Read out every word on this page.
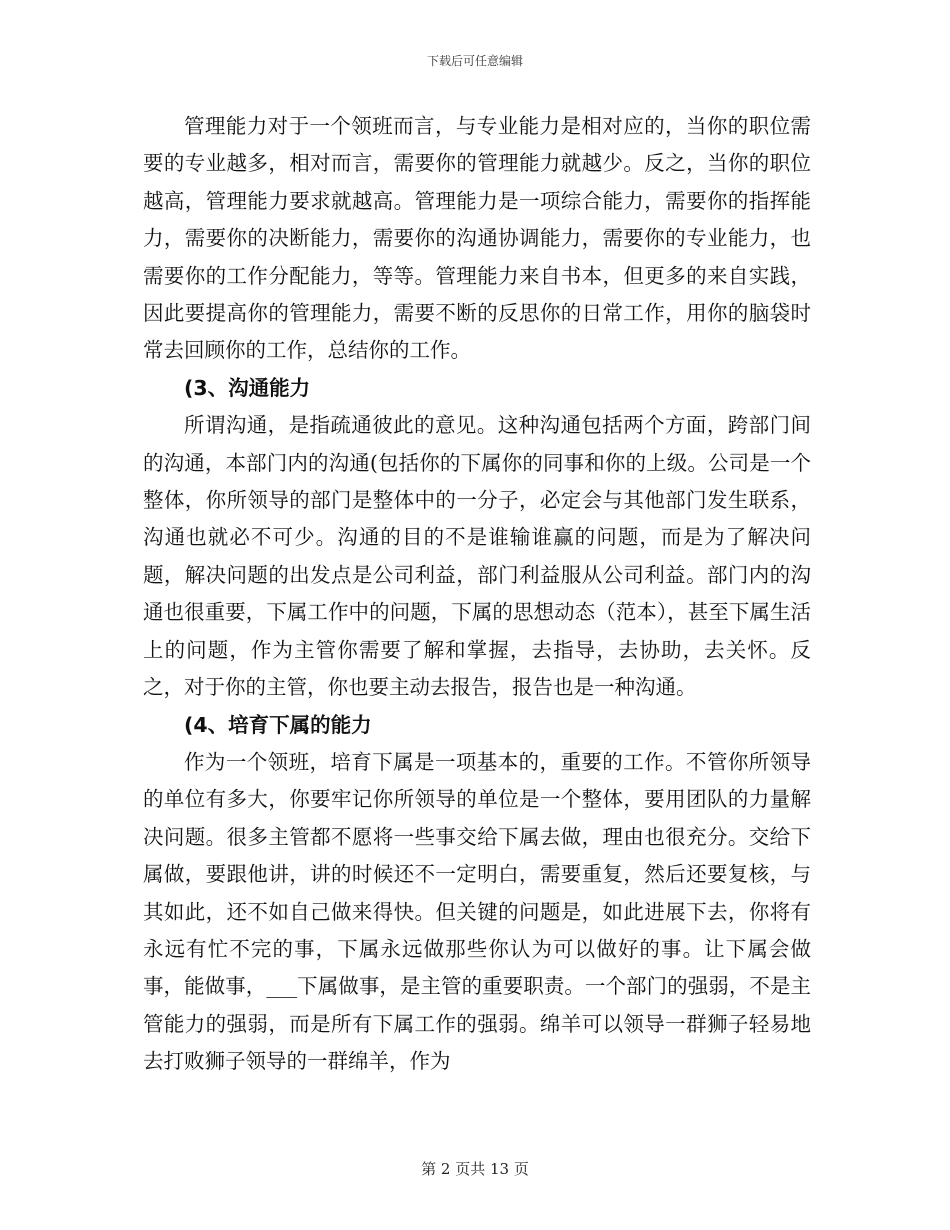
下载后可任意编辑

管理能力对于一个领班而言，与专业能力是相对应的，当你的职位需要的专业越多，相对而言，需要你的管理能力就越少。反之，当你的职位越高，管理能力要求就越高。管理能力是一项综合能力，需要你的指挥能力，需要你的决断能力，需要你的沟通协调能力，需要你的专业能力，也需要你的工作分配能力，等等。管理能力来自书本，但更多的来自实践，因此要提高你的管理能力，需要不断的反思你的日常工作，用你的脑袋时常去回顾你的工作，总结你的工作。

(3、沟通能力

所谓沟通，是指疏通彼此的意见。这种沟通包括两个方面，跨部门间的沟通，本部门内的沟通(包括你的下属你的同事和你的上级。公司是一个整体，你所领导的部门是整体中的一分子，必定会与其他部门发生联系，沟通也就必不可少。沟通的目的不是谁输谁赢的问题，而是为了解决问题，解决问题的出发点是公司利益，部门利益服从公司利益。部门内的沟通也很重要，下属工作中的问题，下属的思想动态（范本），甚至下属生活上的问题，作为主管你需要了解和掌握，去指导，去协助，去关怀。反之，对于你的主管，你也要主动去报告，报告也是一种沟通。

(4、培育下属的能力

作为一个领班，培育下属是一项基本的，重要的工作。不管你所领导的单位有多大，你要牢记你所领导的单位是一个整体，要用团队的力量解决问题。很多主管都不愿将一些事交给下属去做，理由也很充分。交给下属做，要跟他讲，讲的时候还不一定明白，需要重复，然后还要复核，与其如此，还不如自己做来得快。但关键的问题是，如此进展下去，你将有永远有忙不完的事，下属永远做那些你认为可以做好的事。让下属会做事，能做事，___下属做事，是主管的重要职责。一个部门的强弱，不是主管能力的强弱，而是所有下属工作的强弱。绵羊可以领导一群狮子轻易地去打败狮子领导的一群绵羊，作为

第 2 页共 13 页
